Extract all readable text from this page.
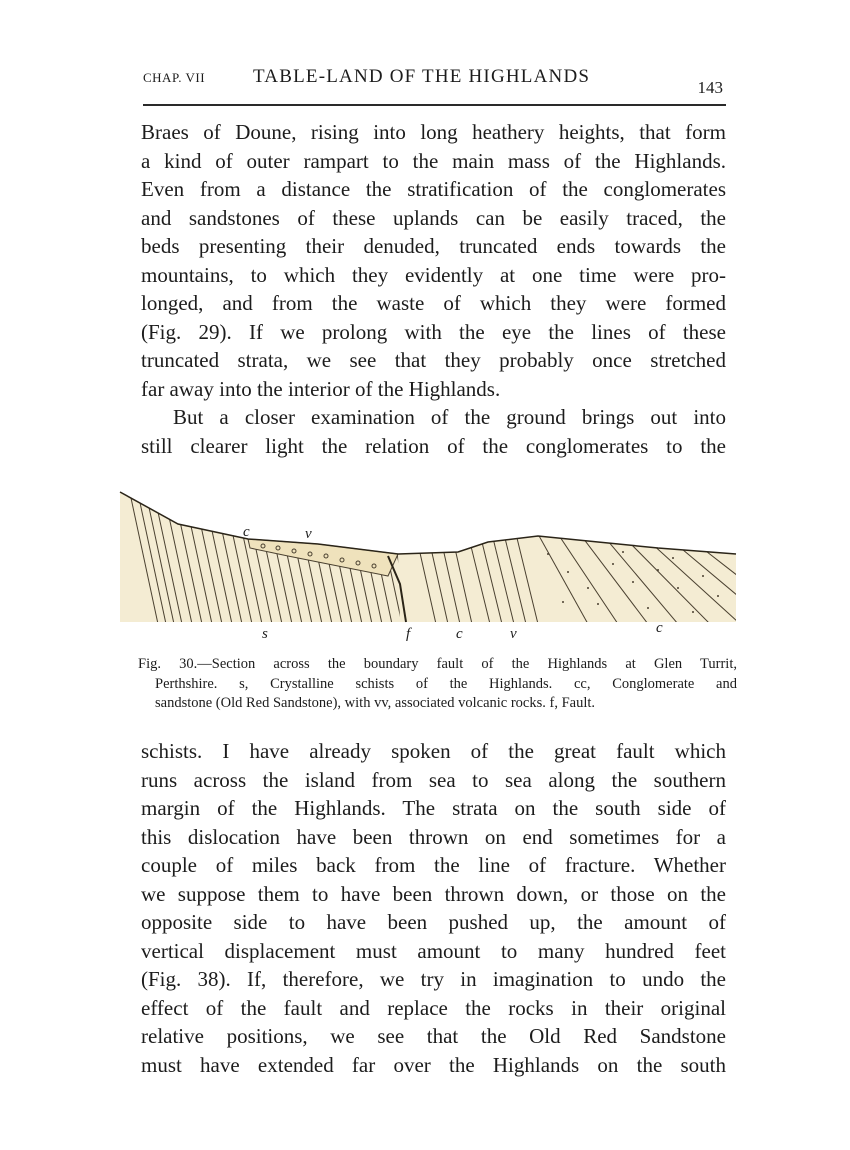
CHAP. VII	TABLE-LAND OF THE HIGHLANDS
143
Braes of Doune, rising into long heathery heights, that form
a kind of outer rampart to the main mass of the Highlands.
Even from a distance the stratification of the conglomerates
and sandstones of these uplands can be easily traced, the
beds presenting their denuded, truncated ends towards the
mountains, to which they evidently at one time were pro-
longed, and from the waste of which they were formed
(Fig. 29). If we prolong with the eye the lines of these
truncated strata, we see that they probably once stretched
far away into the interior of the Highlands.
But a closer examination of the ground brings out into
still clearer light the relation of the conglomerates to the
c	v
s	f	c	v	c
Fig. 30.—Section across the boundary fault of the Highlands at Glen Turrit,
Perthshire. s, Crystalline schists of the Highlands. cc, Conglomerate and
sandstone (Old Red Sandstone), with vv, associated volcanic rocks. f, Fault.
schists. I have already spoken of the great fault which
runs across the island from sea to sea along the southern
margin of the Highlands. The strata on the south side of
this dislocation have been thrown on end sometimes for a
couple of miles back from the line of fracture. Whether
we suppose them to have been thrown down, or those on the
opposite side to have been pushed up, the amount of
vertical displacement must amount to many hundred feet
(Fig. 38). If, therefore, we try in imagination to undo the
effect of the fault and replace the rocks in their original
relative positions, we see that the Old Red Sandstone
must have extended far over the Highlands on the south
